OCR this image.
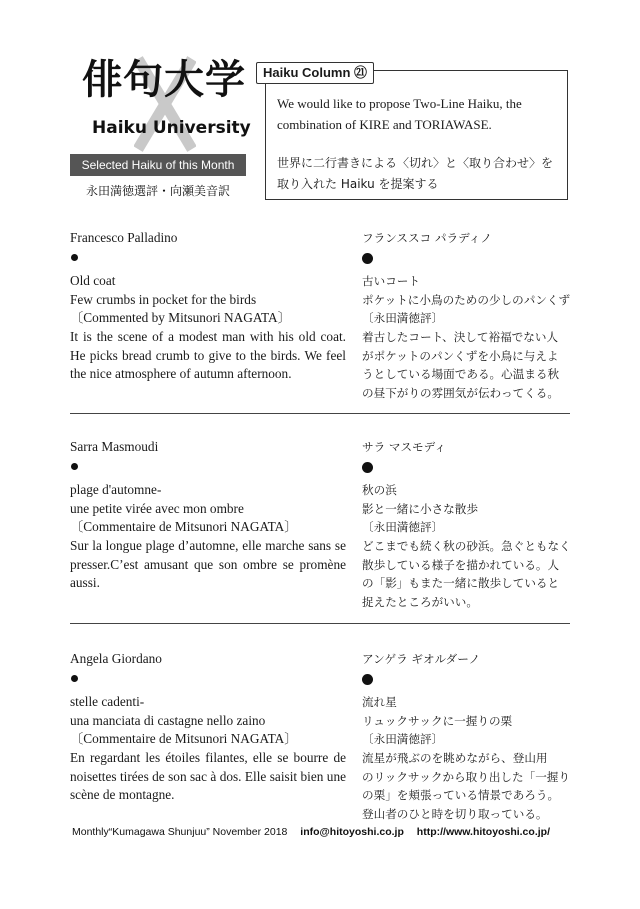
俳句大学
Haiku University
Selected Haiku of this Month
永田満徳選評・向瀬美音訳
Haiku Column ㉑
We would like to propose Two-Line Haiku, the combination of KIRE and TORIAWASE.
世界に二行書きによる〈切れ〉と〈取り合わせ〉を
取り入れた Haiku を提案する
Francesco Palladino
Old coat
Few crumbs in pocket for the birds
〔Commented by Mitsunori NAGATA〕
It is the scene of a modest man with his old coat. He picks bread crumb to give to the birds. We feel the nice atmosphere of autumn afternoon.
フランススコ パラディノ
古いコート
ポケットに小鳥のための少しのパンくず
〔永田満徳評〕
着古したコート、決して裕福でない人
がポケットのパンくずを小鳥に与えよ
うとしている場面である。心温まる秋
の昼下がりの雰囲気が伝わってくる。
Sarra Masmoudi
plage d'automne-
une petite virée avec mon ombre
〔Commentaire de Mitsunori NAGATA〕
Sur la longue plage d’automne, elle marche sans se presser.C’est amusant que son ombre se promène aussi.
サラ マスモディ
秋の浜
影と一緒に小さな散歩
〔永田満徳評〕
どこまでも続く秋の砂浜。急ぐともなく
散歩している様子を描かれている。人
の「影」もまた一緒に散歩していると
捉えたところがいい。
Angela Giordano
stelle cadenti-
una manciata di castagne nello zaino
〔Commentaire de Mitsunori NAGATA〕
En regardant les étoiles filantes, elle se bourre de noisettes tirées de son sac à dos. Elle saisit bien une scène de montagne.
アンゲラ ギオルダーノ
流れ星
リュックサックに一握りの栗
〔永田満徳評〕
流星が飛ぶのを眺めながら、登山用
のリックサックから取り出した「一握り
の栗」を頬張っている情景であろう。
登山者のひと時を切り取っている。
Monthly“Kumagawa Shunjuu” November 2018 info@hitoyoshi.co.jp http://www.hitoyoshi.co.jp/
